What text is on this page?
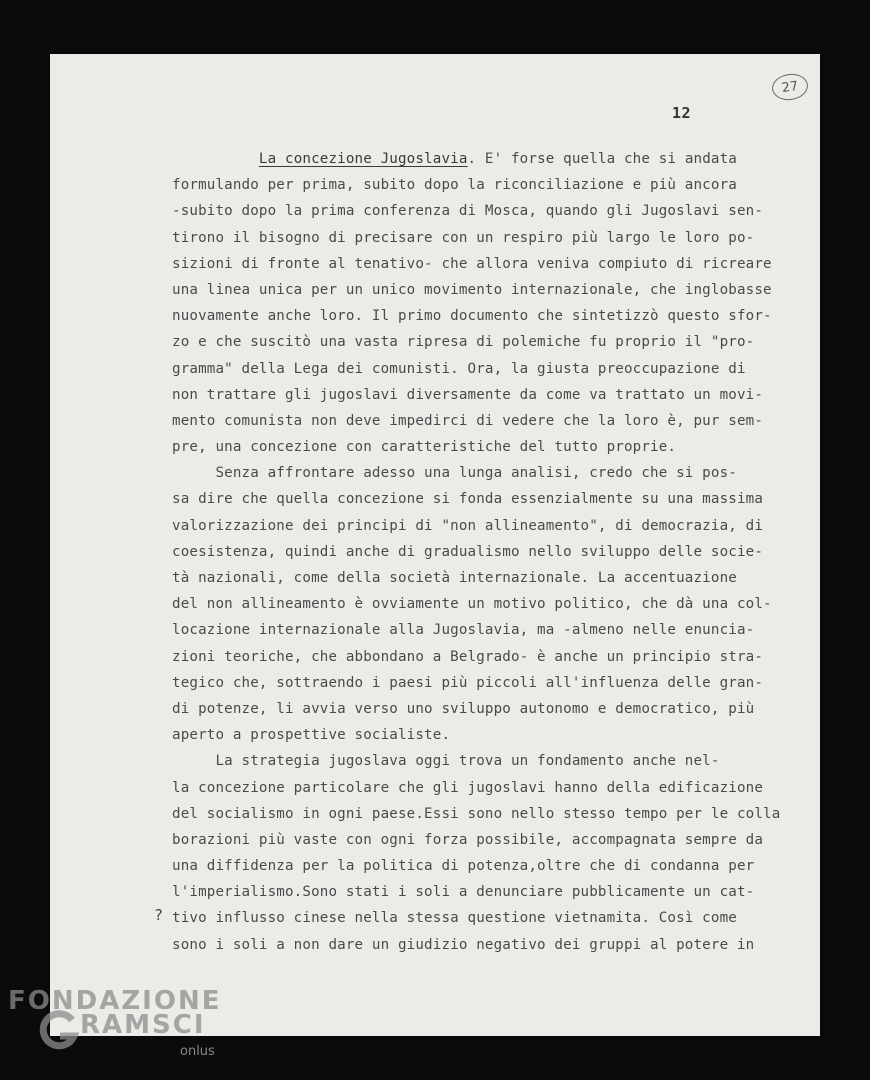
27
12
La concezione Jugoslavia. E' forse quella che si andata
formulando per prima, subito dopo la riconciliazione e più ancora
-subito dopo la prima conferenza di Mosca, quando gli Jugoslavi sen-
tirono il bisogno di precisare con un respiro più largo le loro po-
sizioni di fronte al tenativo- che allora veniva compiuto di ricreare
una linea unica per un unico movimento internazionale, che inglobasse
nuovamente anche loro. Il primo documento che sintetizzò questo sfor-
zo e che suscitò una vasta ripresa di polemiche fu proprio il "pro-
gramma" della Lega dei comunisti. Ora, la giusta preoccupazione di
non trattare gli jugoslavi diversamente da come va trattato un movi-
mento comunista non deve impedirci di vedere che la loro è, pur sem-
pre, una concezione con caratteristiche del tutto proprie.
Senza affrontare adesso una lunga analisi, credo che si pos-
sa dire che quella concezione si fonda essenzialmente su una massima
valorizzazione dei principi di "non allineamento", di democrazia, di
coesistenza, quindi anche di gradualismo nello sviluppo delle socie-
tà nazionali, come della società internazionale. La accentuazione
del non allineamento è ovviamente un motivo politico, che dà una col-
locazione internazionale alla Jugoslavia, ma -almeno nelle enuncia-
zioni teoriche, che abbondano a Belgrado- è anche un principio stra-
tegico che, sottraendo i paesi più piccoli all'influenza delle gran-
di potenze, li avvia verso uno sviluppo autonomo e democratico, più
aperto a prospettive socialiste.
La strategia jugoslava oggi trova un fondamento anche nel-
la concezione particolare che gli jugoslavi hanno della edificazione
del socialismo in ogni paese.Essi sono nello stesso tempo per le colla
borazioni più vaste con ogni forza possibile, accompagnata sempre da
una diffidenza per la politica di potenza,oltre che di condanna per
l'imperialismo.Sono stati i soli a denunciare pubblicamente un cat-
tivo influsso cinese nella stessa questione vietnamita. Così come
sono i soli a non dare un giudizio negativo dei gruppi al potere in
?
FONDAZIONE
RAMSCI
onlus
